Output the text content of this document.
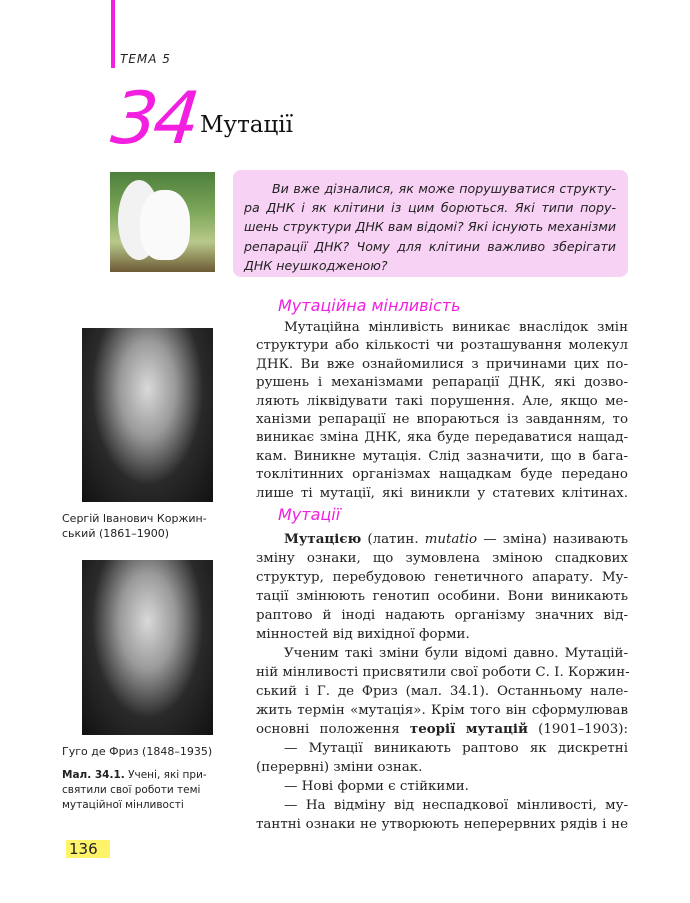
ТЕМА 5
34 Мутації
Ви вже дізналися, як може порушуватися структу-
ра ДНК і як клітини із цим борються. Які типи пору-
шень структури ДНК вам відомі? Які існують механізми
репарації ДНК? Чому для клітини важливо зберігати
ДНК неушкодженою?
Мутаційна мінливість
Мутаційна мінливість виникає внаслідок змін
структури або кількості чи розташування молекул
ДНК. Ви вже ознайомилися з причинами цих по-
рушень і механізмами репарації ДНК, які дозво-
ляють ліквідувати такі порушення. Але, якщо ме-
ханізми репарації не впораються із завданням, то
виникає зміна ДНК, яка буде передаватися нащад-
кам. Виникне мутація. Слід зазначити, що в бага-
токлітинних організмах нащадкам буде передано
лише ті мутації, які виникли у статевих клітинах.
Мутації
Мутацією (латин. mutatio — зміна) називають
зміну ознаки, що зумовлена зміною спадкових
структур, перебудовою генетичного апарату. Му-
тації змінюють генотип особини. Вони виникають
раптово й іноді надають організму значних від-
мінностей від вихідної форми.
Ученим такі зміни були відомі давно. Мутацій-
ній мінливості присвятили свої роботи С. І. Коржин-
ський і Г. де Фриз (мал. 34.1). Останньому нале-
жить термін «мутація». Крім того він сформулював
основні положення теорії мутацій (1901–1903):
— Мутації виникають раптово як дискретні
(перервні) зміни ознак.
— Нові форми є стійкими.
— На відміну від неспадкової мінливості, му-
тантні ознаки не утворюють неперервних рядів і не
Сергій Іванович Коржин-ський (1861–1900)
Гуго де Фриз (1848–1935)
Мал. 34.1. Учені, які при-святили свої роботи темі мутаційної мінливості
136
